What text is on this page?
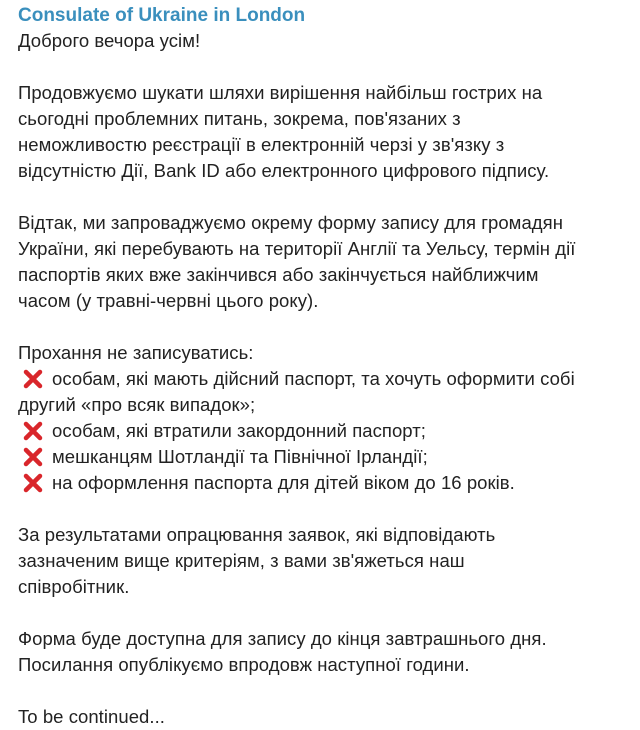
Consulate of Ukraine in London

Доброго вечора усім!

Продовжуємо шукати шляхи вирішення найбільш гострих на
сьогодні проблемних питань, зокрема, пов'язаних з
неможливостю реєстрації в електронній черзі у зв'язку з
відсутністю Дії, Bank ID або електронного цифрового підпису.
Відтак, ми запроваджуємо окрему форму запису для громадян
України, які перебувають на території Англії та Уельсу, термін дії
паспортів яких вже закінчився або закінчується найближчим
часом (у травні-червні цього року).
Прохання не записуватись:
особам, які мають дійсний паспорт, та хочуть оформити собі
другий «про всяк випадок»;
особам, які втратили закордонний паспорт;
мешканцям Шотландії та Північної Ірландії;
на оформлення паспорта для дітей віком до 16 років.
За результатами опрацювання заявок, які відповідають
зазначеним вище критеріям, з вами зв'яжеться наш
співробітник.
Форма буде доступна для запису до кінця завтрашнього дня.
Посилання опублікуємо впродовж наступної години.

To be continued...
